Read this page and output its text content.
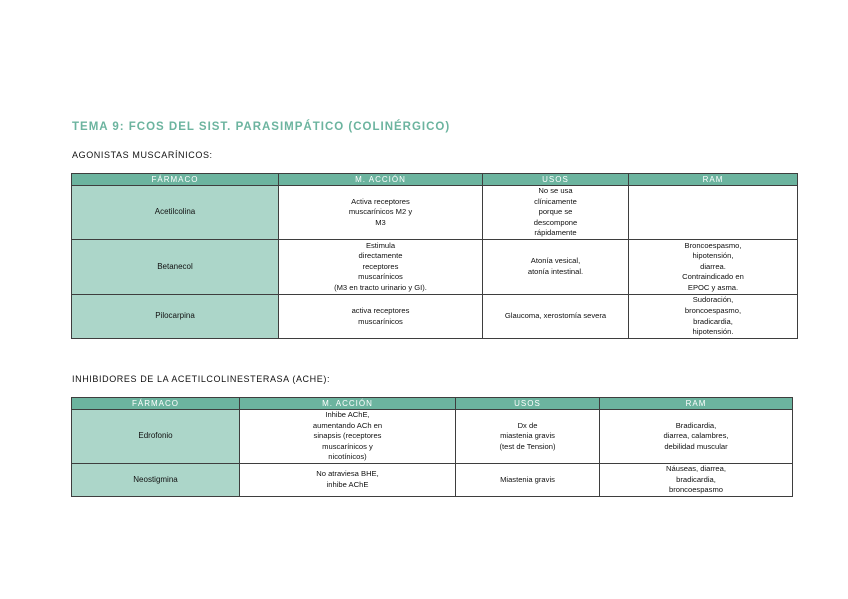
TEMA 9: FCOS DEL SIST. PARASIMPÁTICO (COLINÉRGICO)
AGONISTAS MUSCARÍNICOS:
FÁRMACO	M. ACCIÓN	USOS	RAM
Acetilcolina	Activa receptores
muscarínicos M2 y
M3	No se usa
clínicamente
porque se
descompone
rápidamente	
Betanecol	Estimula
directamente
receptores
muscarínicos
(M3 en tracto urinario y GI).	Atonía vesical,
atonía intestinal.	Broncoespasmo,
hipotensión,
diarrea.
Contraindicado en
EPOC y asma.
Pilocarpina	activa receptores
muscarínicos	Glaucoma, xerostomía severa	Sudoración,
broncoespasmo,
bradicardia,
hipotensión.
INHIBIDORES DE LA ACETILCOLINESTERASA (ACHE):
FÁRMACO	M. ACCIÓN	USOS	RAM
Edrofonio	Inhibe AChE,
aumentando ACh en
sinapsis (receptores
muscarínicos y
nicotínicos)	Dx de
miastenia gravis
(test de Tension)	Bradicardia,
diarrea, calambres,
debilidad muscular
Neostigmina	No atraviesa BHE,
inhibe AChE	Miastenia gravis	Náuseas, diarrea,
bradicardia,
broncoespasmo
